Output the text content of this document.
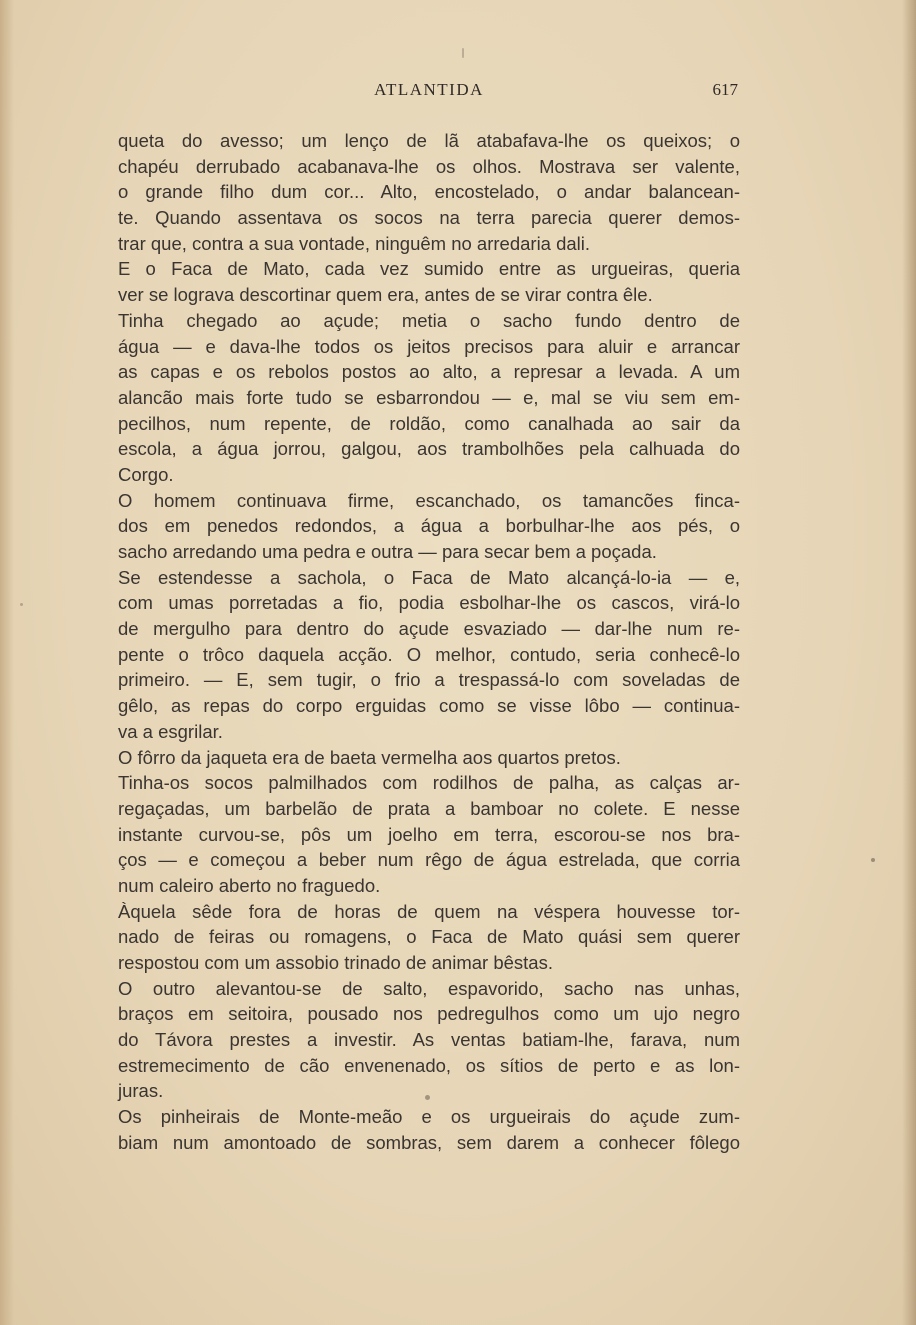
ATLANTIDA	617
queta do avesso; um lenço de lã atabafava-lhe os queixos; o
chapéu derrubado acabanava-lhe os olhos. Mostrava ser valente,
o grande filho dum cor... Alto, encostelado, o andar balancean-
te. Quando assentava os socos na terra parecia querer demos-
trar que, contra a sua vontade, ninguêm no arredaria dali.
E o Faca de Mato, cada vez sumido entre as urgueiras, queria
ver se lograva descortinar quem era, antes de se virar contra êle.
Tinha chegado ao açude; metia o sacho fundo dentro de
água — e dava-lhe todos os jeitos precisos para aluir e arrancar
as capas e os rebolos postos ao alto, a represar a levada. A um
alancão mais forte tudo se esbarrondou — e, mal se viu sem em-
pecilhos, num repente, de roldão, como canalhada ao sair da
escola, a água jorrou, galgou, aos trambolhões pela calhuada do
Corgo.
O homem continuava firme, escanchado, os tamancões finca-
dos em penedos redondos, a água a borbulhar-lhe aos pés, o
sacho arredando uma pedra e outra — para secar bem a poçada.
Se estendesse a sachola, o Faca de Mato alcançá-lo-ia — e,
com umas porretadas a fio, podia esbolhar-lhe os cascos, virá-lo
de mergulho para dentro do açude esvaziado — dar-lhe num re-
pente o trôco daquela acção. O melhor, contudo, seria conhecê-lo
primeiro. — E, sem tugir, o frio a trespassá-lo com soveladas de
gêlo, as repas do corpo erguidas como se visse lôbo — continua-
va a esgrilar.
O fôrro da jaqueta era de baeta vermelha aos quartos pretos.
Tinha-os socos palmilhados com rodilhos de palha, as calças ar-
regaçadas, um barbelão de prata a bamboar no colete. E nesse
instante curvou-se, pôs um joelho em terra, escorou-se nos bra-
ços — e começou a beber num rêgo de água estrelada, que corria
num caleiro aberto no fraguedo.
Àquela sêde fora de horas de quem na véspera houvesse tor-
nado de feiras ou romagens, o Faca de Mato quási sem querer
respostou com um assobio trinado de animar bêstas.
O outro alevantou-se de salto, espavorido, sacho nas unhas,
braços em seitoira, pousado nos pedregulhos como um ujo negro
do Távora prestes a investir. As ventas batiam-lhe, farava, num
estremecimento de cão envenenado, os sítios de perto e as lon-
juras.
Os pinheirais de Monte-meão e os urgueirais do açude zum-
biam num amontoado de sombras, sem darem a conhecer fôlego
